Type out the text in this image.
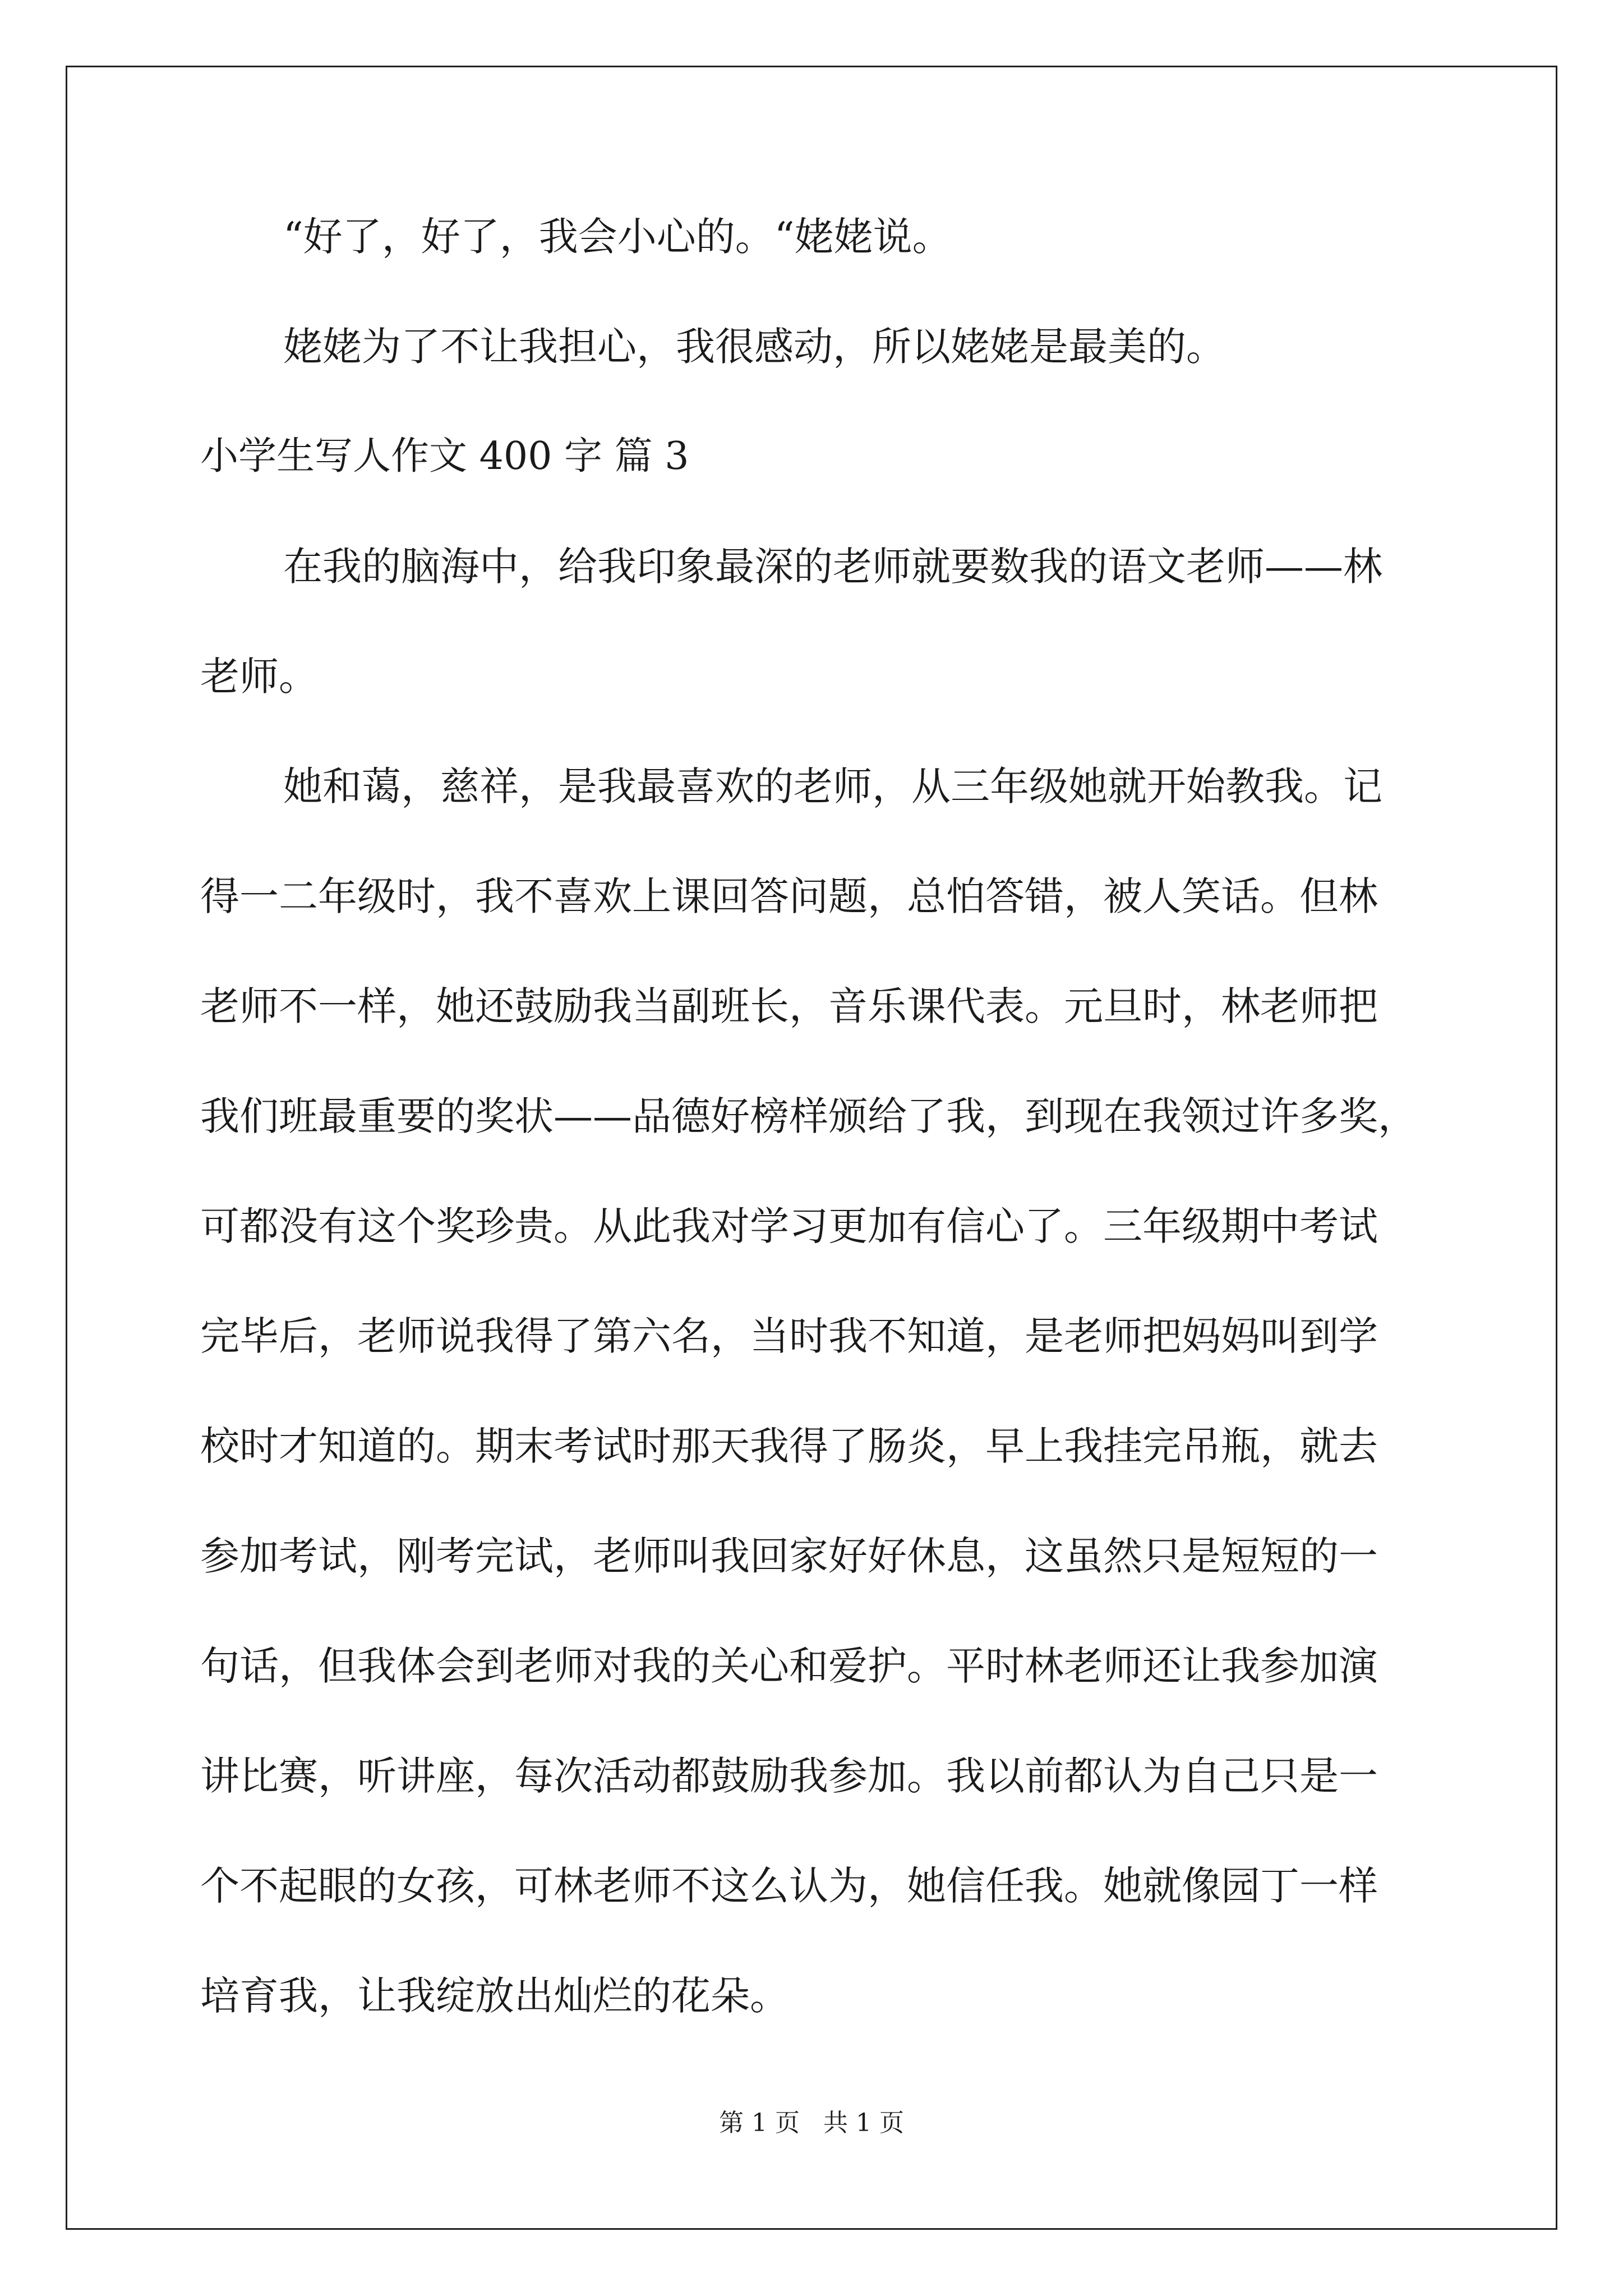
“好了，好了，我会小心的。“姥姥说。
姥姥为了不让我担心，我很感动，所以姥姥是最美的。
小学生写人作文 400 字 篇 3
在我的脑海中，给我印象最深的老师就要数我的语文老师——林
老师。
她和蔼，慈祥，是我最喜欢的老师，从三年级她就开始教我。记
得一二年级时，我不喜欢上课回答问题，总怕答错，被人笑话。但林
老师不一样，她还鼓励我当副班长，音乐课代表。元旦时，林老师把
我们班最重要的奖状——品德好榜样颁给了我，到现在我领过许多奖，
可都没有这个奖珍贵。从此我对学习更加有信心了。三年级期中考试
完毕后，老师说我得了第六名，当时我不知道，是老师把妈妈叫到学
校时才知道的。期末考试时那天我得了肠炎，早上我挂完吊瓶，就去
参加考试，刚考完试，老师叫我回家好好休息，这虽然只是短短的一
句话，但我体会到老师对我的关心和爱护。平时林老师还让我参加演
讲比赛，听讲座，每次活动都鼓励我参加。我以前都认为自己只是一
个不起眼的女孩，可林老师不这么认为，她信任我。她就像园丁一样
培育我，让我绽放出灿烂的花朵。
第 1 页   共 1 页
